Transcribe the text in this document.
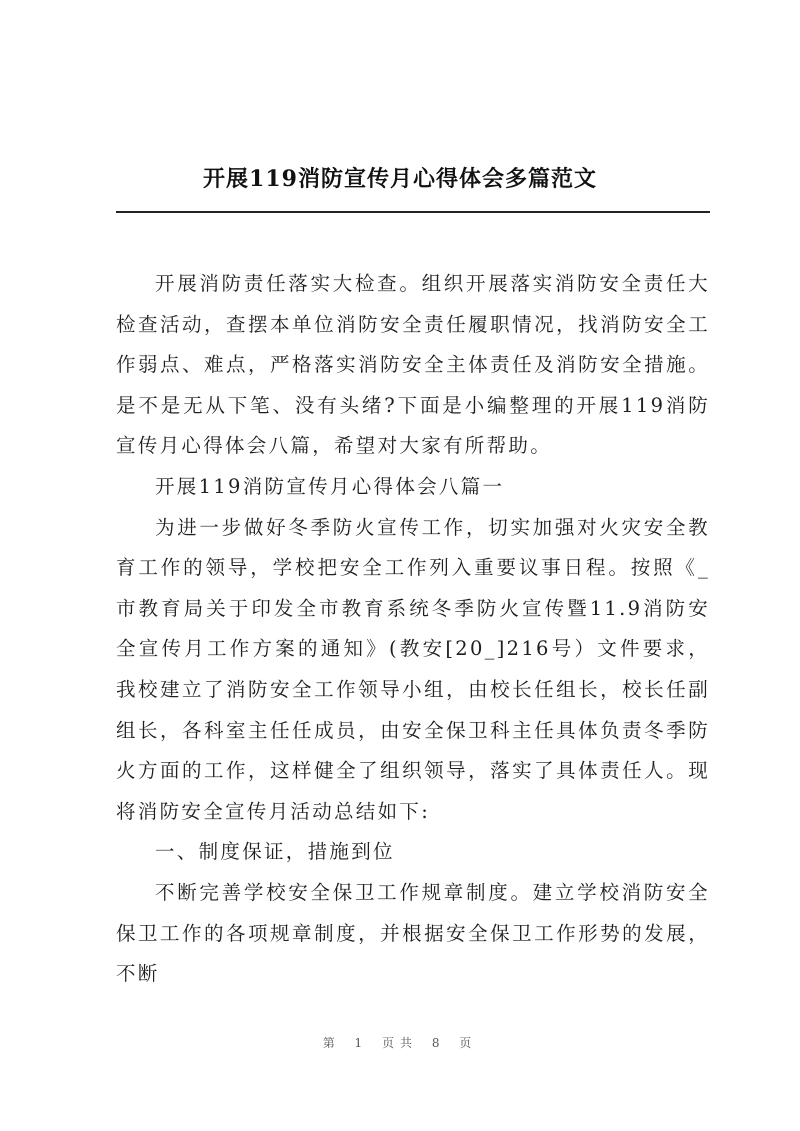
开展119消防宣传月心得体会多篇范文

开展消防责任落实大检查。组织开展落实消防安全责任大检查活动，查摆本单位消防安全责任履职情况，找消防安全工作弱点、难点，严格落实消防安全主体责任及消防安全措施。是不是无从下笔、没有头绪?下面是小编整理的开展119消防宣传月心得体会八篇，希望对大家有所帮助。

开展119消防宣传月心得体会八篇一

为进一步做好冬季防火宣传工作，切实加强对火灾安全教育工作的领导，学校把安全工作列入重要议事日程。按照《_市教育局关于印发全市教育系统冬季防火宣传暨11.9消防安全宣传月工作方案的通知》(教安[20_]216号）文件要求，我校建立了消防安全工作领导小组，由校长任组长，校长任副组长，各科室主任任成员，由安全保卫科主任具体负责冬季防火方面的工作，这样健全了组织领导，落实了具体责任人。现将消防安全宣传月活动总结如下:

一、制度保证，措施到位

不断完善学校安全保卫工作规章制度。建立学校消防安全保卫工作的各项规章制度，并根据安全保卫工作形势的发展，不断

第 1 页共 8 页
